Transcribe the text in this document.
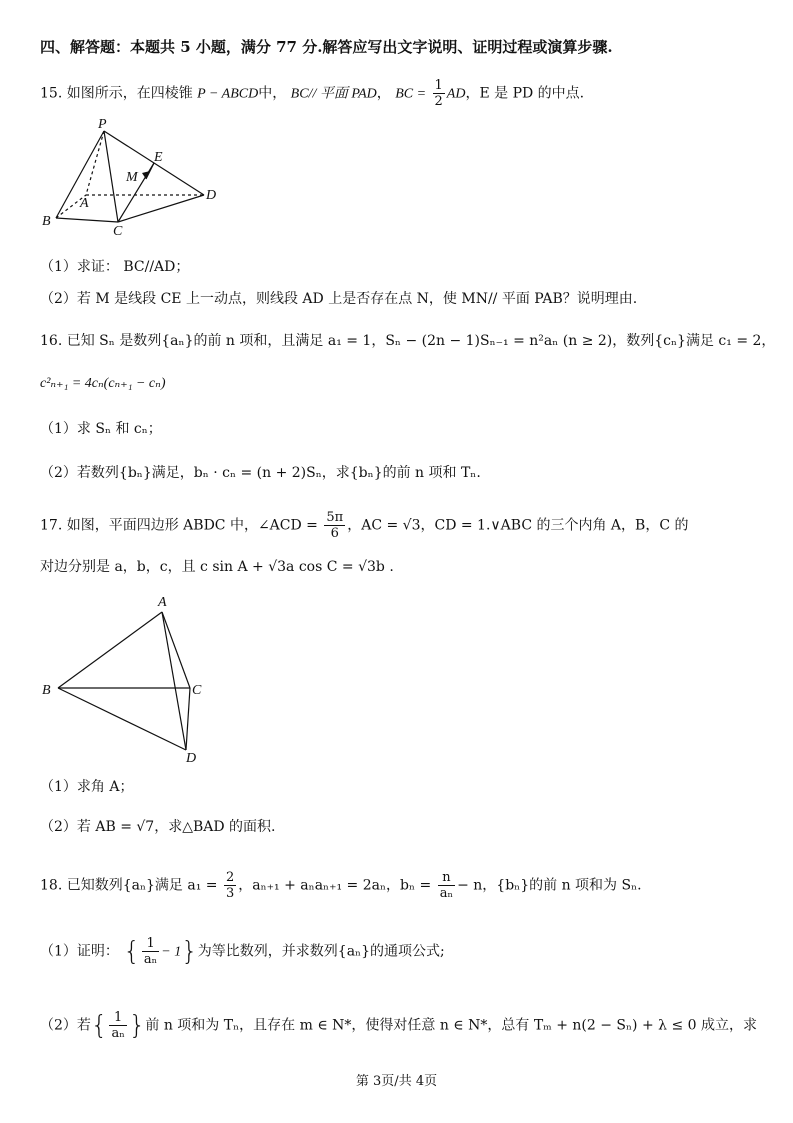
四、解答题：本题共 5 小题，满分 77 分.解答应写出文字说明、证明过程或演算步骤.
15. 如图所示，在四棱锥 P − ABCD中， BC// 平面 PAD， BC = $\frac{1}{2}$ AD，E 是 PD 的中点.
P
E
M
A
D
B
C
（1）求证： BC//AD；
（2）若 M 是线段 CE 上一动点，则线段 AD 上是否存在点 N，使 MN// 平面 PAB？说明理由.
16. 已知 Sₙ 是数列{aₙ}的前 n 项和，且满足 a₁ = 1，Sₙ − (2n − 1)Sₙ₋₁ = n²aₙ (n ≥ 2)，数列{cₙ}满足 c₁ = 2，
c²ₙ₊₁ = 4cₙ(cₙ₊₁ − cₙ)
（1）求 Sₙ 和 cₙ；
（2）若数列{bₙ}满足，bₙ · cₙ = (n + 2)Sₙ，求{bₙ}的前 n 项和 Tₙ.
17. 如图，平面四边形 ABDC 中，∠ACD = $\frac{5\pi}{6}$ ，AC = √3，CD = 1.∨ABC 的三个内角 A，B，C 的
对边分别是 a，b，c，且 c sin A + √3a cos C = √3b .
A
B	C
D
（1）求角 A；
（2）若 AB = √7，求△BAD 的面积.
18. 已知数列{aₙ}满足 $a_1 = \frac{2}{3}$ ，aₙ₊₁ + aₙaₙ₊₁ = 2aₙ，$b_n = \frac{n}{\text{aₙ}} - n$，{bₙ}的前 n 项和为 Sₙ.
（1）证明： { $\frac{1}{\text{aₙ}} - 1$}为等比数列，并求数列{aₙ}的通项公式;
（2）若{ $\frac{1}{\text{aₙ}}$ }前 n 项和为 Tₙ，且存在 m ∈ N*，使得对任意 n ∈ N*，总有 Tₘ + n(2 − Sₙ) + λ ≤ 0 成立，求
第 3页/共 4页
